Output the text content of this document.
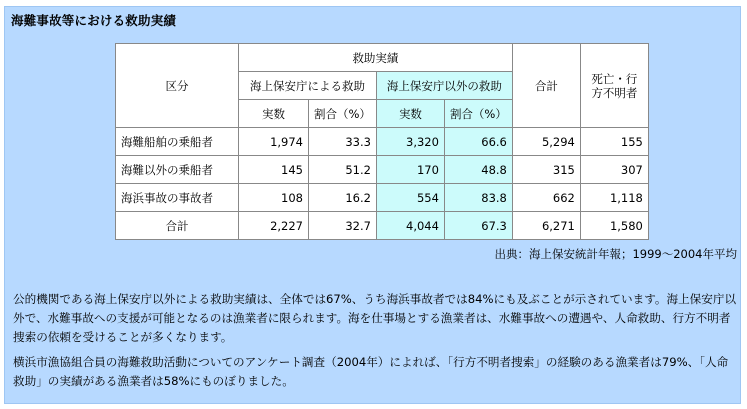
海難事故等における救助実績
区分	救助実績				合計	死亡・行
方不明者
	海上保安庁による救助		海上保安庁以外の救助			
	実数	割合（%）	実数	割合（%）		
海難船舶の乗船者	1,974	33.3	3,320	66.6	5,294	155
海難以外の乗船者	145	51.2	170	48.8	315	307
海浜事故の事故者	108	16.2	554	83.8	662	1,118
合計	2,227	32.7	4,044	67.3	6,271	1,580
出典：海上保安統計年報；1999〜2004年平均
公的機関である海上保安庁以外による救助実績は、全体では67%、うち海浜事故者では84%にも及ぶことが示されています。海上保安庁以外で、水難事故への支援が可能となるのは漁業者に限られます。海を仕事場とする漁業者は、水難事故への遭遇や、人命救助、行方不明者捜索の依頼を受けることが多くなります。
横浜市漁協組合員の海難救助活動についてのアンケート調査（2004年）によれば、「行方不明者捜索」の経験のある漁業者は79%、「人命救助」の実績がある漁業者は58%にものぼりました。
